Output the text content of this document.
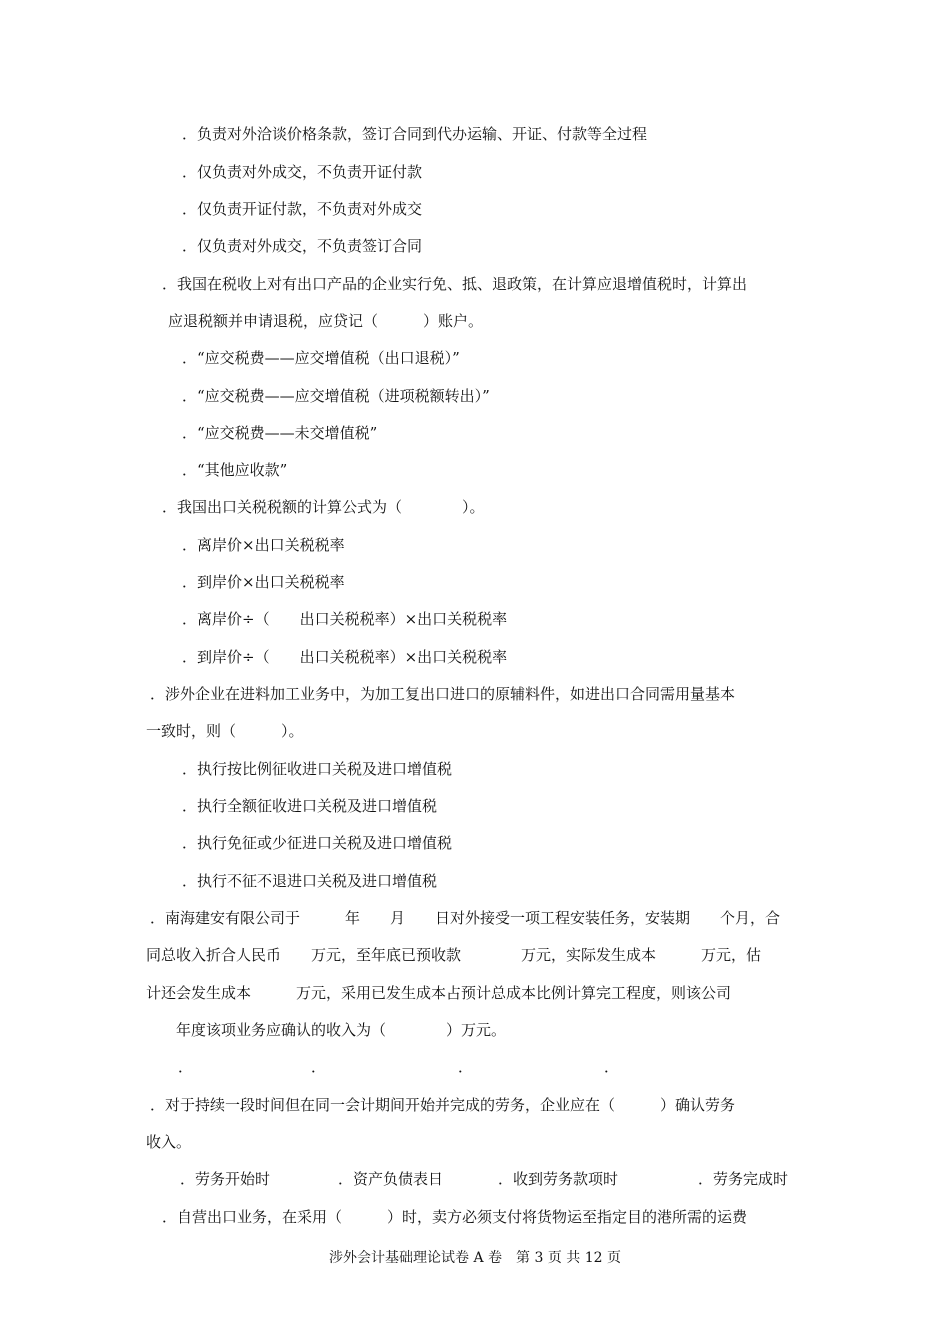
．负责对外洽谈价格条款，签订合同到代办运输、开证、付款等全过程
．仅负责对外成交，不负责开证付款
．仅负责开证付款，不负责对外成交
．仅负责对外成交，不负责签订合同
．我国在税收上对有出口产品的企业实行免、抵、退政策，在计算应退增值税时，计算出
应退税额并申请退税，应贷记（　　　）账户。
．“应交税费——应交增值税（出口退税）”
．“应交税费——应交增值税（进项税额转出）”
．“应交税费——未交增值税”
．“其他应收款”
．我国出口关税税额的计算公式为（　　　　）。
．离岸价×出口关税税率
．到岸价×出口关税税率
．离岸价÷（　　出口关税税率）×出口关税税率
．到岸价÷（　　出口关税税率）×出口关税税率
．涉外企业在进料加工业务中，为加工复出口进口的原辅料件，如进出口合同需用量基本
一致时，则（　　　）。
．执行按比例征收进口关税及进口增值税
．执行全额征收进口关税及进口增值税
．执行免征或少征进口关税及进口增值税
．执行不征不退进口关税及进口增值税
．南海建安有限公司于　　　年　　月　　日对外接受一项工程安装任务，安装期　　个月，合
同总收入折合人民币　　万元，至年底已预收款　　　　万元，实际发生成本　　　万元，估
计还会发生成本　　　万元，采用已发生成本占预计总成本比例计算完工程度，则该公司
年度该项业务应确认的收入为（　　　　）万元。
．	．	．	．
．对于持续一段时间但在同一会计期间开始并完成的劳务，企业应在（　　　）确认劳务
收入。
．劳务开始时	．资产负债表日	．收到劳务款项时	．劳务完成时
．自营出口业务，在采用（　　　）时，卖方必须支付将货物运至指定目的港所需的运费
涉外会计基础理论试卷 A 卷　第 3 页 共 12 页
